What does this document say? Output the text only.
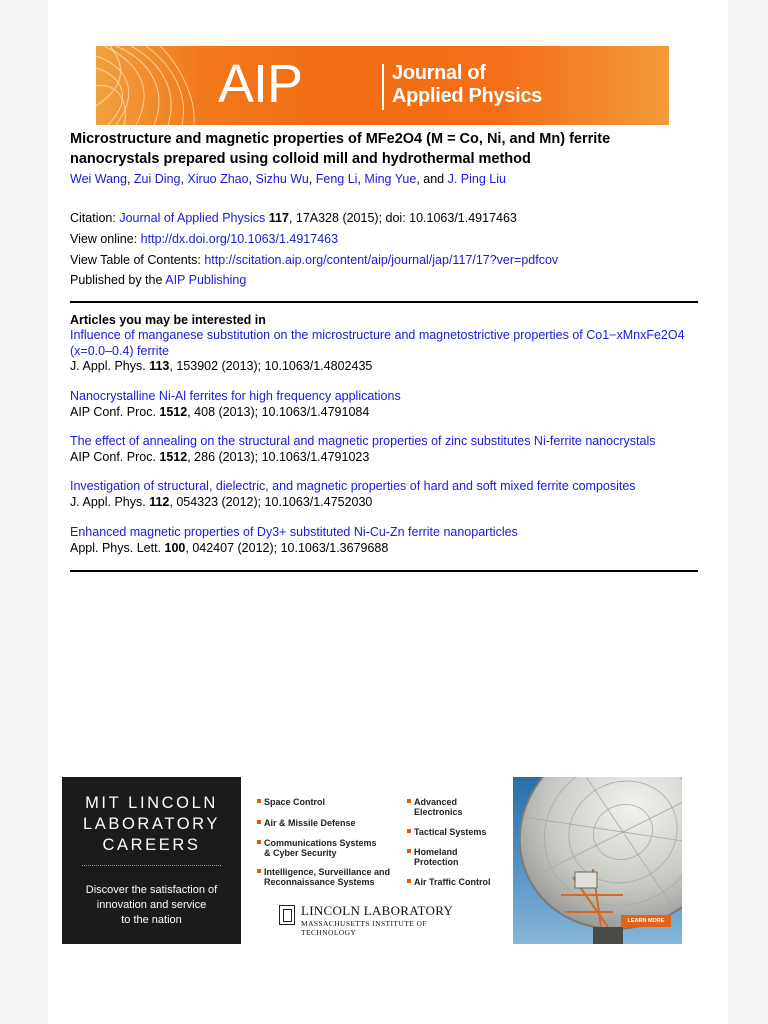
AIP	Journal of
Applied Physics
Microstructure and magnetic properties of MFe2O4 (M = Co, Ni, and Mn) ferrite nanocrystals prepared using colloid mill and hydrothermal method
Wei Wang, Zui Ding, Xiruo Zhao, Sizhu Wu, Feng Li, Ming Yue, and J. Ping Liu
Citation: Journal of Applied Physics 117, 17A328 (2015); doi: 10.1063/1.4917463
View online: http://dx.doi.org/10.1063/1.4917463
View Table of Contents: http://scitation.aip.org/content/aip/journal/jap/117/17?ver=pdfcov
Published by the AIP Publishing
Articles you may be interested in
Influence of manganese substitution on the microstructure and magnetostrictive properties of Co1−xMnxFe2O4 (x=0.0–0.4) ferrite
J. Appl. Phys. 113, 153902 (2013); 10.1063/1.4802435
Nanocrystalline Ni-Al ferrites for high frequency applications
AIP Conf. Proc. 1512, 408 (2013); 10.1063/1.4791084
The effect of annealing on the structural and magnetic properties of zinc substitutes Ni-ferrite nanocrystals
AIP Conf. Proc. 1512, 286 (2013); 10.1063/1.4791023
Investigation of structural, dielectric, and magnetic properties of hard and soft mixed ferrite composites
J. Appl. Phys. 112, 054323 (2012); 10.1063/1.4752030
Enhanced magnetic properties of Dy3+ substituted Ni-Cu-Zn ferrite nanoparticles
Appl. Phys. Lett. 100, 042407 (2012); 10.1063/1.3679688
MIT LINCOLN
LABORATORY
CAREERS
Discover the satisfaction of
innovation and service
to the nation
Space Control
Air & Missile Defense
Communications Systems & Cyber Security
Intelligence, Surveillance and Reconnaissance Systems
Advanced Electronics
Tactical Systems
Homeland Protection
Air Traffic Control
LINCOLN LABORATORY
MASSACHUSETTS INSTITUTE OF TECHNOLOGY
LEARN MORE
